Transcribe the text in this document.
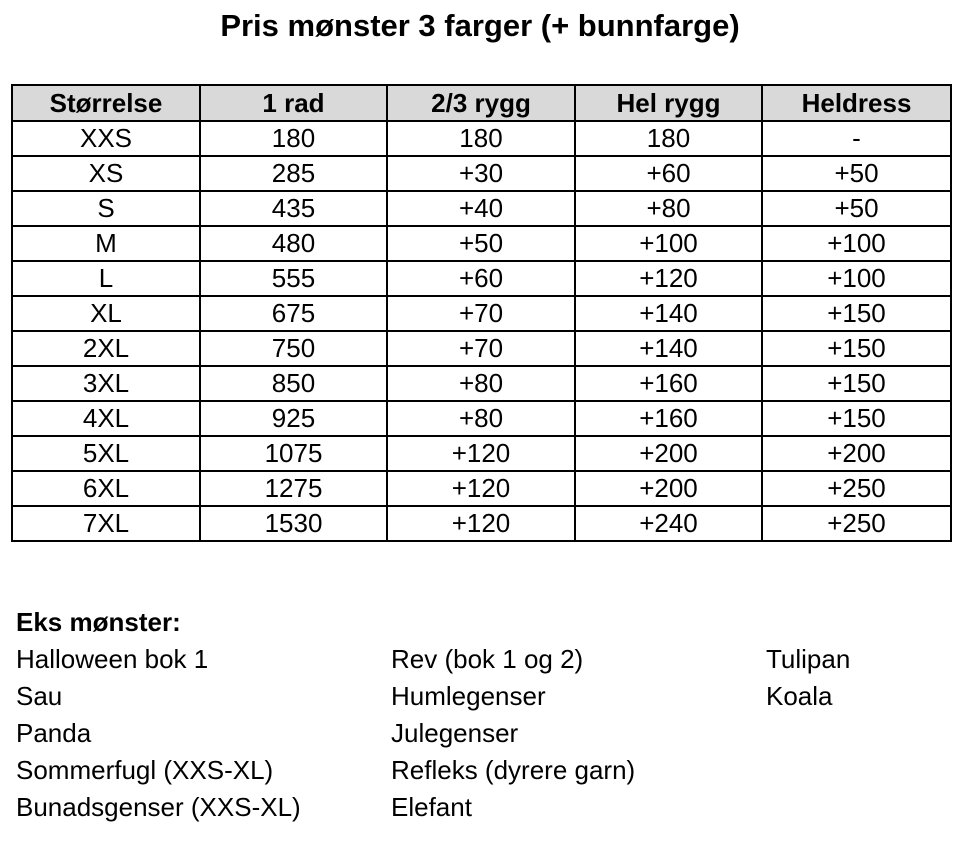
Pris mønster 3 farger (+ bunnfarge)
Størrelse	1 rad	2/3 rygg	Hel rygg	Heldress
XXS	180	180	180	-
XS	285	+30	+60	+50
S	435	+40	+80	+50
M	480	+50	+100	+100
L	555	+60	+120	+100
XL	675	+70	+140	+150
2XL	750	+70	+140	+150
3XL	850	+80	+160	+150
4XL	925	+80	+160	+150
5XL	1075	+120	+200	+200
6XL	1275	+120	+200	+250
7XL	1530	+120	+240	+250
Eks mønster:
Halloween bok 1
Sau
Panda
Sommerfugl (XXS-XL)
Bunadsgenser (XXS-XL)
Rev (bok 1 og 2)
Humlegenser
Julegenser
Refleks (dyrere garn)
Elefant
Tulipan
Koala
